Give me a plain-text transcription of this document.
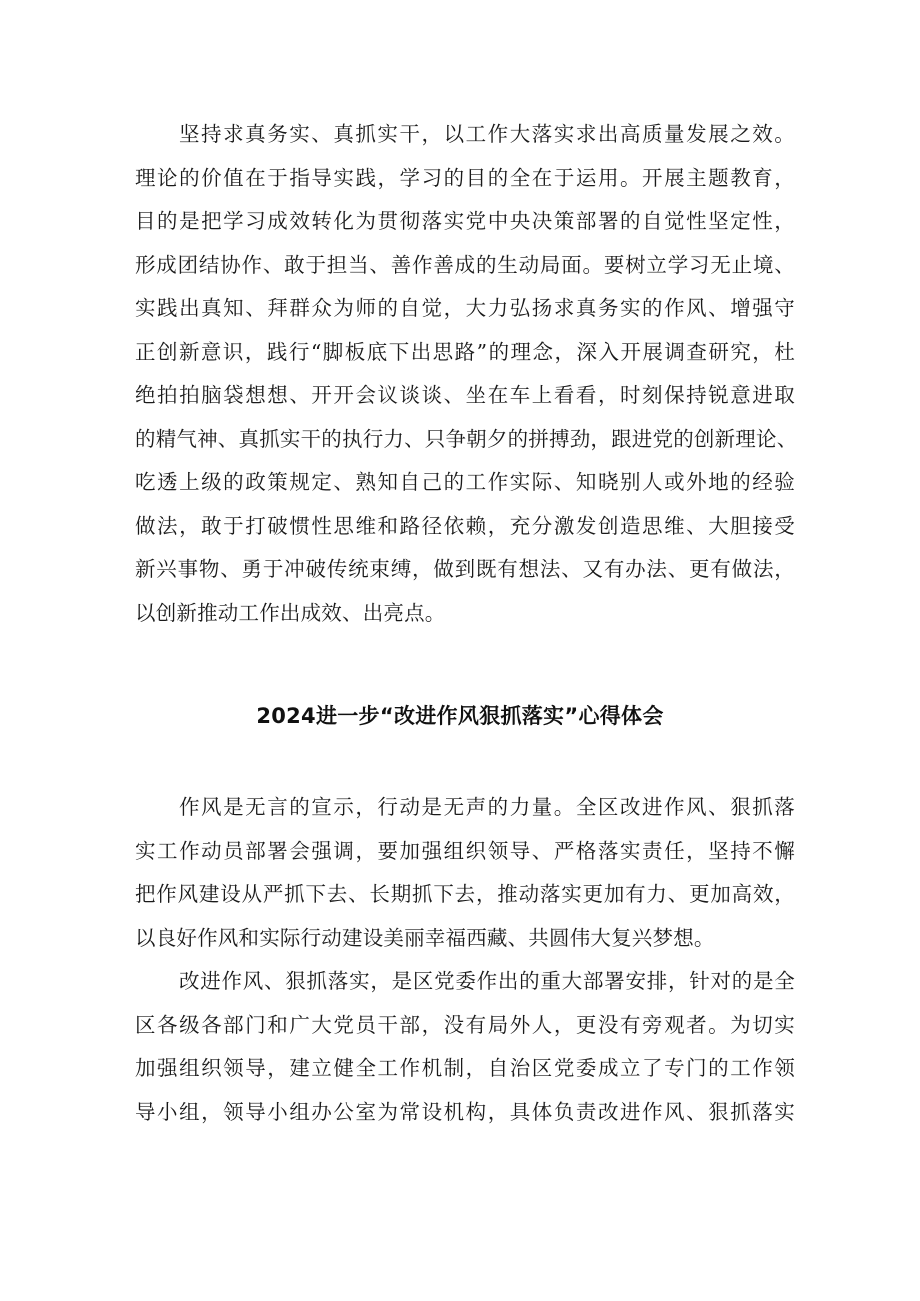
坚持求真务实、真抓实干，以工作大落实求出高质量发展之效。
理论的价值在于指导实践，学习的目的全在于运用。开展主题教育，
目的是把学习成效转化为贯彻落实党中央决策部署的自觉性坚定性，
形成团结协作、敢于担当、善作善成的生动局面。要树立学习无止境、
实践出真知、拜群众为师的自觉，大力弘扬求真务实的作风、增强守
正创新意识，践行“脚板底下出思路”的理念，深入开展调查研究，杜
绝拍拍脑袋想想、开开会议谈谈、坐在车上看看，时刻保持锐意进取
的精气神、真抓实干的执行力、只争朝夕的拼搏劲，跟进党的创新理论、
吃透上级的政策规定、熟知自己的工作实际、知晓别人或外地的经验
做法，敢于打破惯性思维和路径依赖，充分激发创造思维、大胆接受
新兴事物、勇于冲破传统束缚，做到既有想法、又有办法、更有做法，
以创新推动工作出成效、出亮点。
2024进一步“改进作风狠抓落实”心得体会
作风是无言的宣示，行动是无声的力量。全区改进作风、狠抓落
实工作动员部署会强调，要加强组织领导、严格落实责任，坚持不懈
把作风建设从严抓下去、长期抓下去，推动落实更加有力、更加高效，
以良好作风和实际行动建设美丽幸福西藏、共圆伟大复兴梦想。
改进作风、狠抓落实，是区党委作出的重大部署安排，针对的是全
区各级各部门和广大党员干部，没有局外人，更没有旁观者。为切实
加强组织领导，建立健全工作机制，自治区党委成立了专门的工作领
导小组，领导小组办公室为常设机构，具体负责改进作风、狠抓落实
